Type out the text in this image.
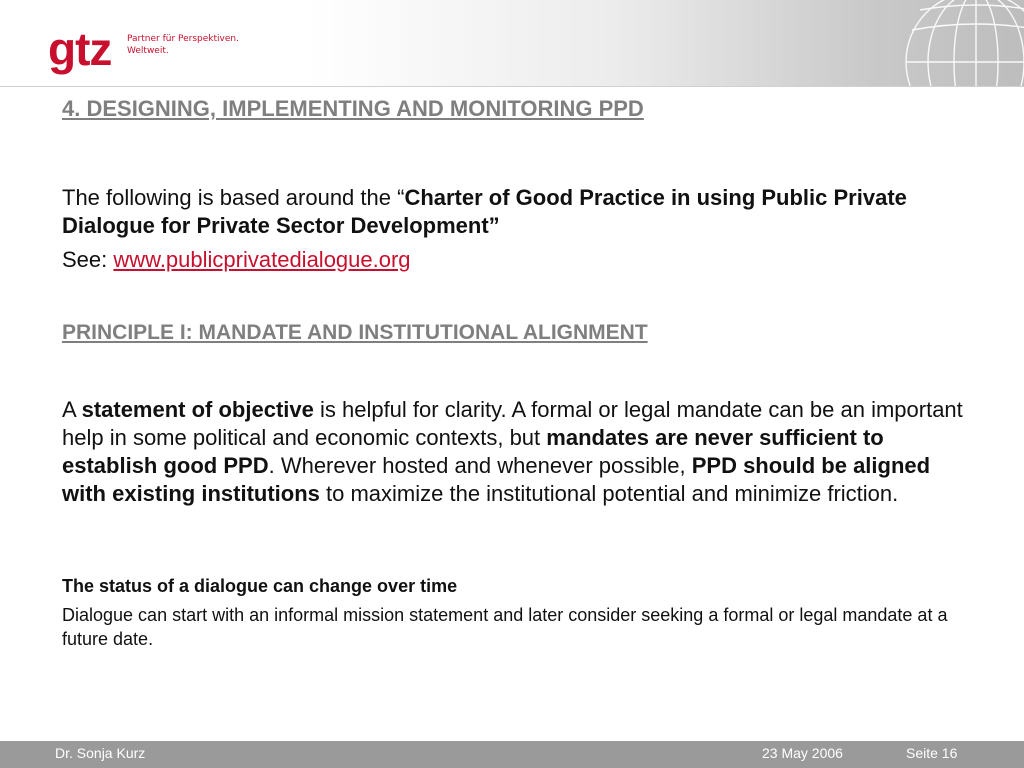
gtz Partner für Perspektiven.
Weltweit.
4. DESIGNING, IMPLEMENTING AND MONITORING PPD

The following is based around the “Charter of Good Practice in using Public Private Dialogue for Private Sector Development”

See: www.publicprivatedialogue.org

PRINCIPLE I: MANDATE AND INSTITUTIONAL ALIGNMENT

A statement of objective is helpful for clarity. A formal or legal mandate can be an important help in some political and economic contexts, but mandates are never sufficient to establish good PPD. Wherever hosted and whenever possible, PPD should be aligned with existing institutions to maximize the institutional potential and minimize friction.

The status of a dialogue can change over time

Dialogue can start with an informal mission statement and later consider seeking a formal or legal mandate at a future date.

Dr. Sonja Kurz	23 May 2006	Seite 16
